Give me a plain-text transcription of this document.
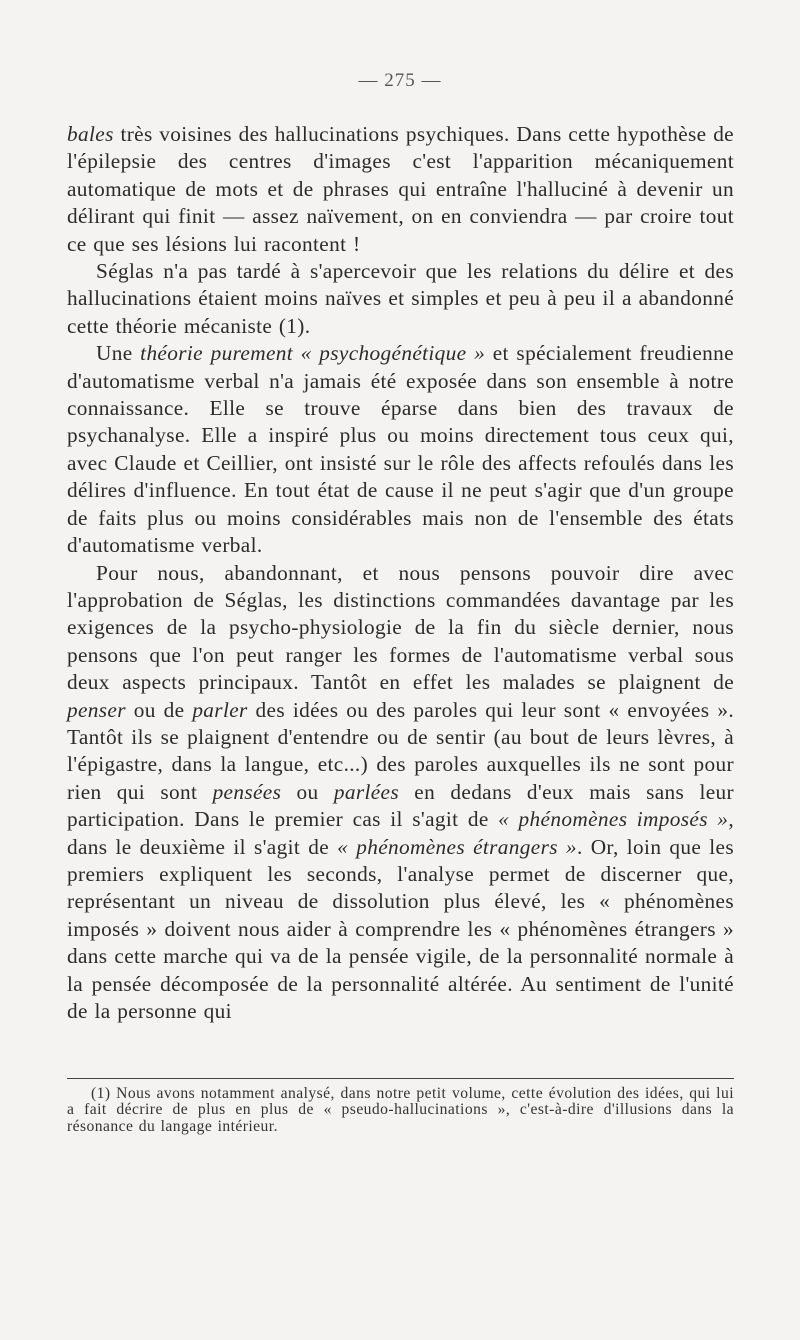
— 275 —

bales très voisines des hallucinations psychiques. Dans cette hypothèse de l'épilepsie des centres d'images c'est l'apparition mécaniquement automatique de mots et de phrases qui entraîne l'halluciné à devenir un délirant qui finit — assez naïvement, on en conviendra — par croire tout ce que ses lésions lui racontent !

Séglas n'a pas tardé à s'apercevoir que les relations du délire et des hallucinations étaient moins naïves et simples et peu à peu il a abandonné cette théorie mécaniste (1).

Une théorie purement « psychogénétique » et spécialement freudienne d'automatisme verbal n'a jamais été exposée dans son ensemble à notre connaissance. Elle se trouve éparse dans bien des travaux de psychanalyse. Elle a inspiré plus ou moins directement tous ceux qui, avec Claude et Ceillier, ont insisté sur le rôle des affects refoulés dans les délires d'influence. En tout état de cause il ne peut s'agir que d'un groupe de faits plus ou moins considérables mais non de l'ensemble des états d'automatisme verbal.

Pour nous, abandonnant, et nous pensons pouvoir dire avec l'approbation de Séglas, les distinctions commandées davantage par les exigences de la psycho-physiologie de la fin du siècle dernier, nous pensons que l'on peut ranger les formes de l'automatisme verbal sous deux aspects principaux. Tantôt en effet les malades se plaignent de penser ou de parler des idées ou des paroles qui leur sont « envoyées ». Tantôt ils se plaignent d'entendre ou de sentir (au bout de leurs lèvres, à l'épigastre, dans la langue, etc...) des paroles auxquelles ils ne sont pour rien qui sont pensées ou parlées en dedans d'eux mais sans leur participation. Dans le premier cas il s'agit de « phénomènes imposés », dans le deuxième il s'agit de « phénomènes étrangers ». Or, loin que les premiers expliquent les seconds, l'analyse permet de discerner que, représentant un niveau de dissolution plus élevé, les « phénomènes imposés » doivent nous aider à comprendre les « phénomènes étrangers » dans cette marche qui va de la pensée vigile, de la personnalité normale à la pensée décomposée de la personnalité altérée. Au sentiment de l'unité de la personne qui

(1) Nous avons notamment analysé, dans notre petit volume, cette évolution des idées, qui lui a fait décrire de plus en plus de « pseudo-hallucinations », c'est-à-dire d'illusions dans la résonance du langage intérieur.
